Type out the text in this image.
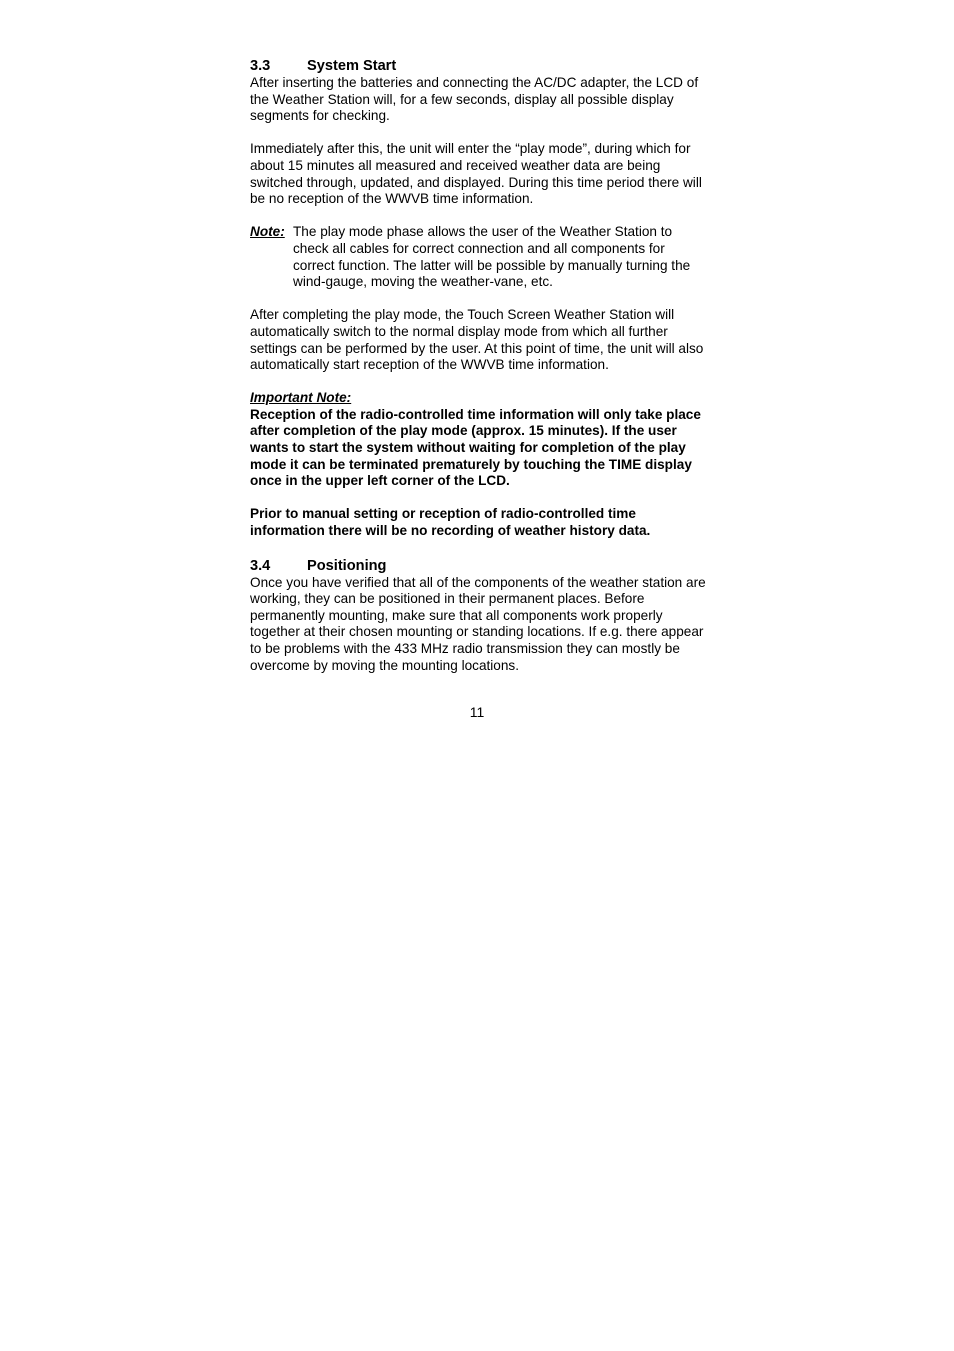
3.3	System Start

After inserting the batteries and connecting the AC/DC adapter, the LCD of the Weather Station will, for a few seconds, display all possible display segments for checking.

Immediately after this, the unit will enter the “play mode”, during which for about 15 minutes all measured and received weather data are being switched through, updated, and displayed. During this time period there will be no reception of the WWVB time information.

Note: The play mode phase allows the user of the Weather Station to check all cables for correct connection and all components for correct function. The latter will be possible by manually turning the wind-gauge, moving the weather-vane, etc.

After completing the play mode, the Touch Screen Weather Station will automatically switch to the normal display mode from which all further settings can be performed by the user. At this point of time, the unit will also automatically start reception of the WWVB time information.

Important Note:

Reception of the radio-controlled time information will only take place after completion of the play mode (approx. 15 minutes). If the user wants to start the system without waiting for completion of the play mode it can be terminated prematurely by touching the TIME display once in the upper left corner of the LCD.

Prior to manual setting or reception of radio-controlled time information there will be no recording of weather history data.

3.4	Positioning

Once you have verified that all of the components of the weather station are working, they can be positioned in their permanent places. Before permanently mounting, make sure that all components work properly together at their chosen mounting or standing locations. If e.g. there appear to be problems with the 433 MHz radio transmission they can mostly be overcome by moving the mounting locations.

11
